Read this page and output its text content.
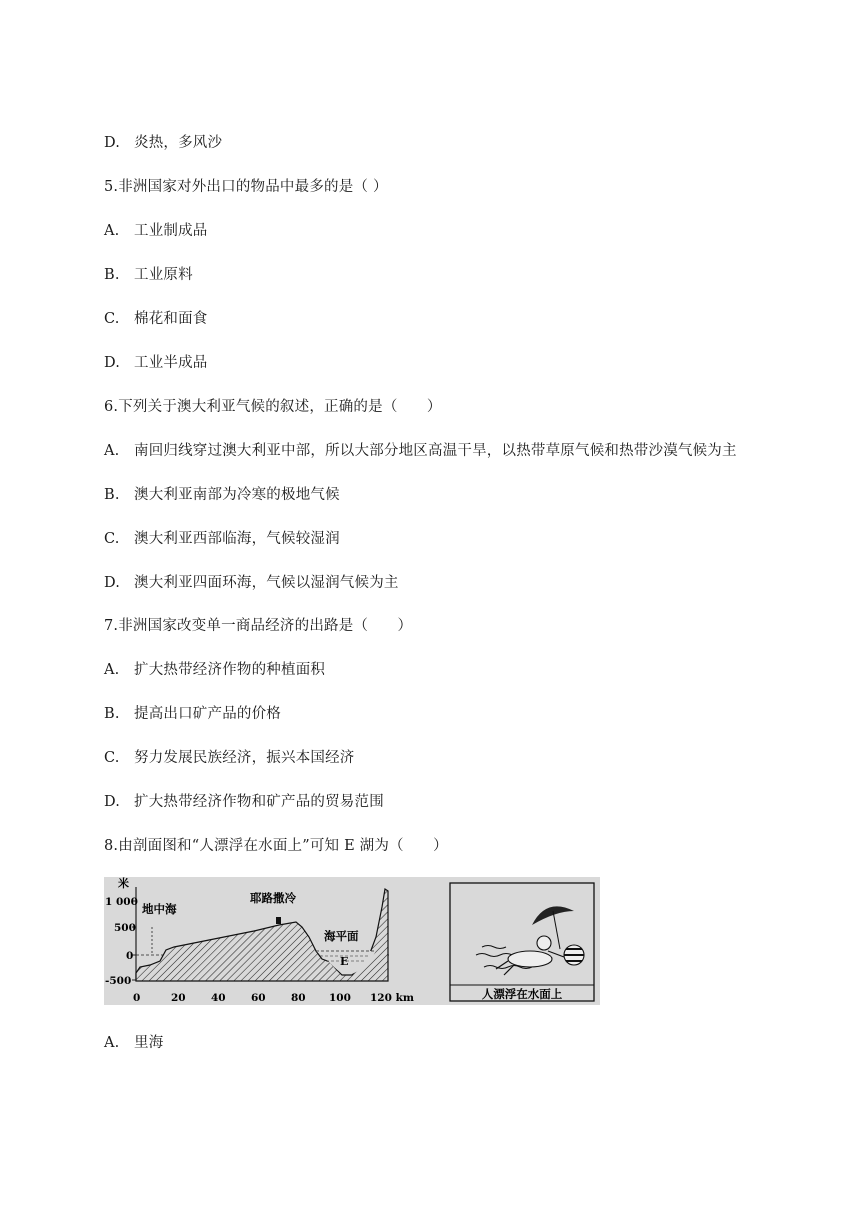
D. 炎热，多风沙
5.非洲国家对外出口的物品中最多的是（ ）
A. 工业制成品
B. 工业原料
C. 棉花和面食
D. 工业半成品
6.下列关于澳大利亚气候的叙述，正确的是（　　）
A. 南回归线穿过澳大利亚中部，所以大部分地区高温干旱，以热带草原气候和热带沙漠气候为主
B. 澳大利亚南部为冷寒的极地气候
C. 澳大利亚西部临海，气候较湿润
D. 澳大利亚四面环海，气候以湿润气候为主
7.非洲国家改变单一商品经济的出路是（　　）
A. 扩大热带经济作物的种植面积
B. 提高出口矿产品的价格
C. 努力发展民族经济，振兴本国经济
D. 扩大热带经济作物和矿产品的贸易范围
8.由剖面图和“人漂浮在水面上”可知 E 湖为（　　）
米
1 000
500
0
-500
地中海
耶路撒冷
海平面
E
0	20 40 60 80 100 120 km	人漂浮在水面上
A. 里海
